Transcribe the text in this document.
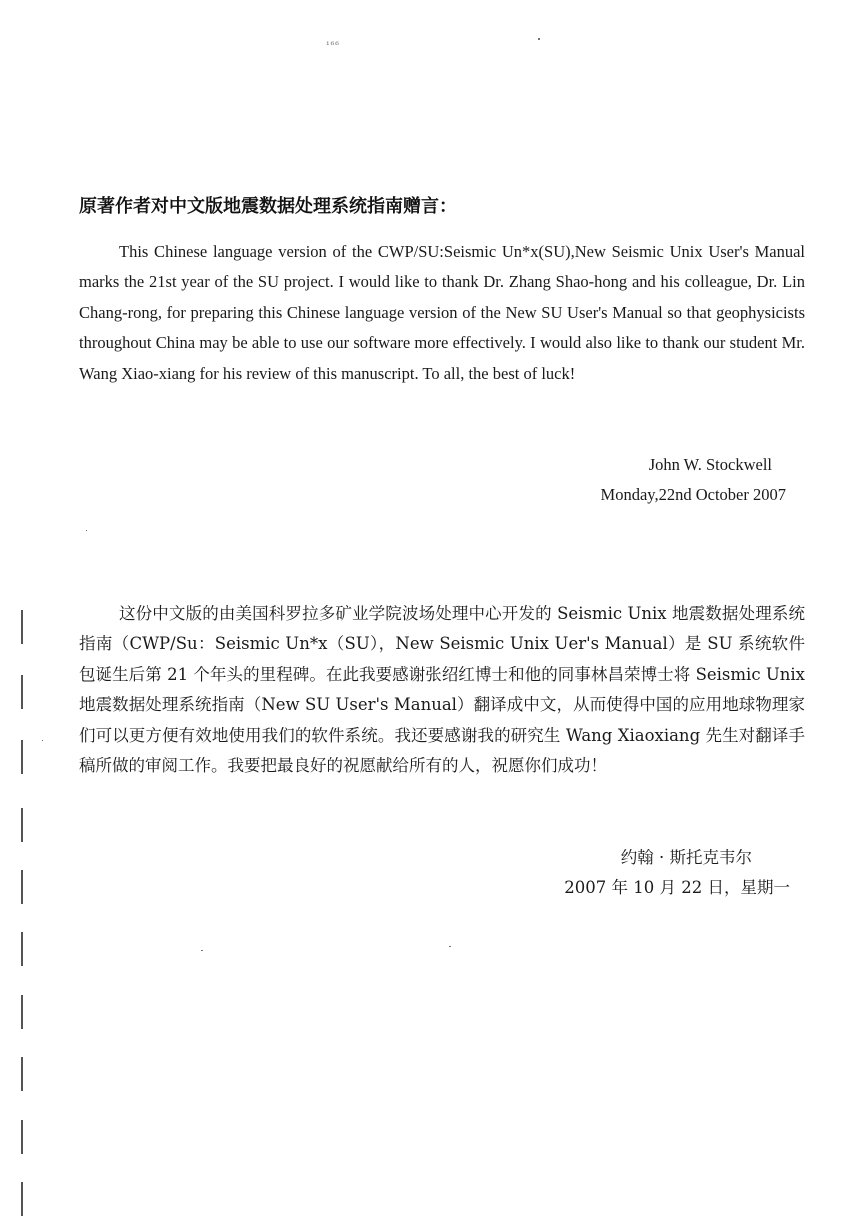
₁₆₆
原著作者对中文版地震数据处理系统指南赠言：

This Chinese language version of the CWP/SU:Seismic Un*x(SU),New Seismic Unix User's Manual marks the 21st year of the SU project. I would like to thank Dr. Zhang Shao-hong and his colleague, Dr. Lin Chang-rong, for preparing this Chinese language version of the New SU User's Manual so that geophysicists throughout China may be able to use our software more effectively. I would also like to thank our student Mr. Wang Xiao-xiang for his review of this manuscript. To all, the best of luck!

John W. Stockwell
Monday,22nd October 2007

这份中文版的由美国科罗拉多矿业学院波场处理中心开发的 Seismic Unix 地震数据处理系统指南（CWP/Su：Seismic Un*x（SU），New Seismic Unix Uer's Manual）是 SU 系统软件包诞生后第 21 个年头的里程碑。在此我要感谢张绍红博士和他的同事林昌荣博士将 Seismic Unix 地震数据处理系统指南（New SU User's Manual）翻译成中文，从而使得中国的应用地球物理家们可以更方便有效地使用我们的软件系统。我还要感谢我的研究生 Wang Xiaoxiang 先生对翻译手稿所做的审阅工作。我要把最良好的祝愿献给所有的人，祝愿你们成功！

约翰 · 斯托克韦尔
2007 年 10 月 22 日，星期一
